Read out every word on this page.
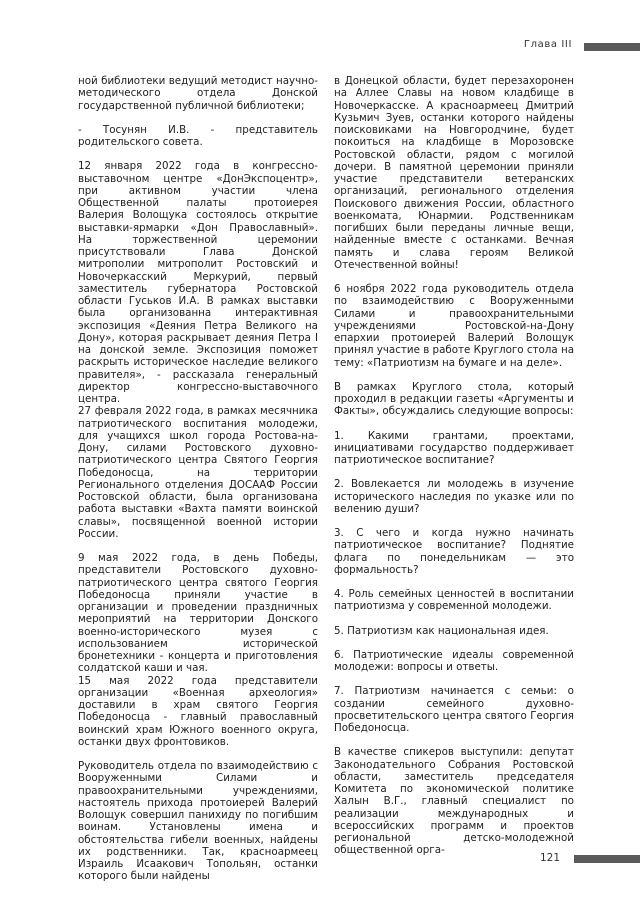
Глава III

ной библиотеки ведущий методист научно-методического отдела Донской государственной публичной библиотеки;

- Тосунян И.В. - представитель родительского совета.

12 января 2022 года в конгрессно-выставочном центре «ДонЭкспоцентр», при активном участии члена Общественной палаты протоиерея Валерия Волощука состоялось открытие выставки-ярмарки «Дон Православный». На торжественной церемонии присутствовали Глава Донской митрополии митрополит Ростовский и Новочеркасский Меркурий, первый заместитель губернатора Ростовской области Гуськов И.А. В рамках выставки была организованна интерактивная экспозиция «Деяния Петра Великого на Дону», которая раскрывает деяния Петра I на донской земле. Экспозиция поможет раскрыть историческое наследие великого правителя», - рассказала генеральный директор конгрессно-выставочного центра.

27 февраля 2022 года, в рамках месячника патриотического воспитания молодежи, для учащихся школ города Ростова-на-Дону, силами Ростовского духовно-патриотического центра Святого Георгия Победоносца, на территории Регионального отделения ДОСААФ России Ростовской области, была организована работа выставки «Вахта памяти воинской славы», посвященной военной истории России.

9 мая 2022 года, в день Победы, представители Ростовского духовно-патриотического центра святого Георгия Победоносца приняли участие в организации и проведении праздничных мероприятий на территории Донского военно-исторического музея с использованием исторической бронетехники - концерта и приготовления солдатской каши и чая.

15 мая 2022 года представители организации «Военная археология» доставили в храм святого Георгия Победоносца - главный православный воинский храм Южного военного округа, останки двух фронтовиков.

Руководитель отдела по взаимодействию с Вооруженными Силами и правоохранительными учреждениями, настоятель прихода протоиерей Валерий Волощук совершил панихиду по погибшим воинам. Установлены имена и обстоятельства гибели военных, найдены их родственники. Так, красноармеец Израиль Исаакович Топольян, останки которого были найдены

в Донецкой области, будет перезахоронен на Аллее Славы на новом кладбище в Новочеркасске. А красноармеец Дмитрий Кузьмич Зуев, останки которого найдены поисковиками на Новгородчине, будет покоиться на кладбище в Морозовске Ростовской области, рядом с могилой дочери. В памятной церемонии приняли участие представители ветеранских организаций, регионального отделения Поискового движения России, областного военкомата, Юнармии. Родственникам погибших были переданы личные вещи, найденные вместе с останками. Вечная память и слава героям Великой Отечественной войны!

6 ноября 2022 года руководитель отдела по взаимодействию с Вооруженными Силами и правоохранительными учреждениями Ростовской-на-Дону епархии протоиерей Валерий Волощук принял участие в работе Круглого стола на тему: «Патриотизм на бумаге и на деле».

В рамках Круглого стола, который проходил в редакции газеты «Аргументы и Факты», обсуждались следующие вопросы:

1. Какими грантами, проектами, инициативами государство поддерживает патриотическое воспитание?

2. Вовлекается ли молодежь в изучение исторического наследия по указке или по велению души?

3. С чего и когда нужно начинать патриотическое воспитание? Поднятие флага по понедельникам — это формальность?

4. Роль семейных ценностей в воспитании патриотизма у современной молодежи.

5. Патриотизм как национальная идея.

6. Патриотические идеалы современной молодежи: вопросы и ответы.

7. Патриотизм начинается с семьи: о создании семейного духовно-просветительского центра святого Георгия Победоносца.

В качестве спикеров выступили: депутат Законодательного Собрания Ростовской области, заместитель председателя Комитета по экономической политике Халын В.Г., главный специалист по реализации международных и всероссийских программ и проектов региональной детско-молодежной общественной орга-

121
